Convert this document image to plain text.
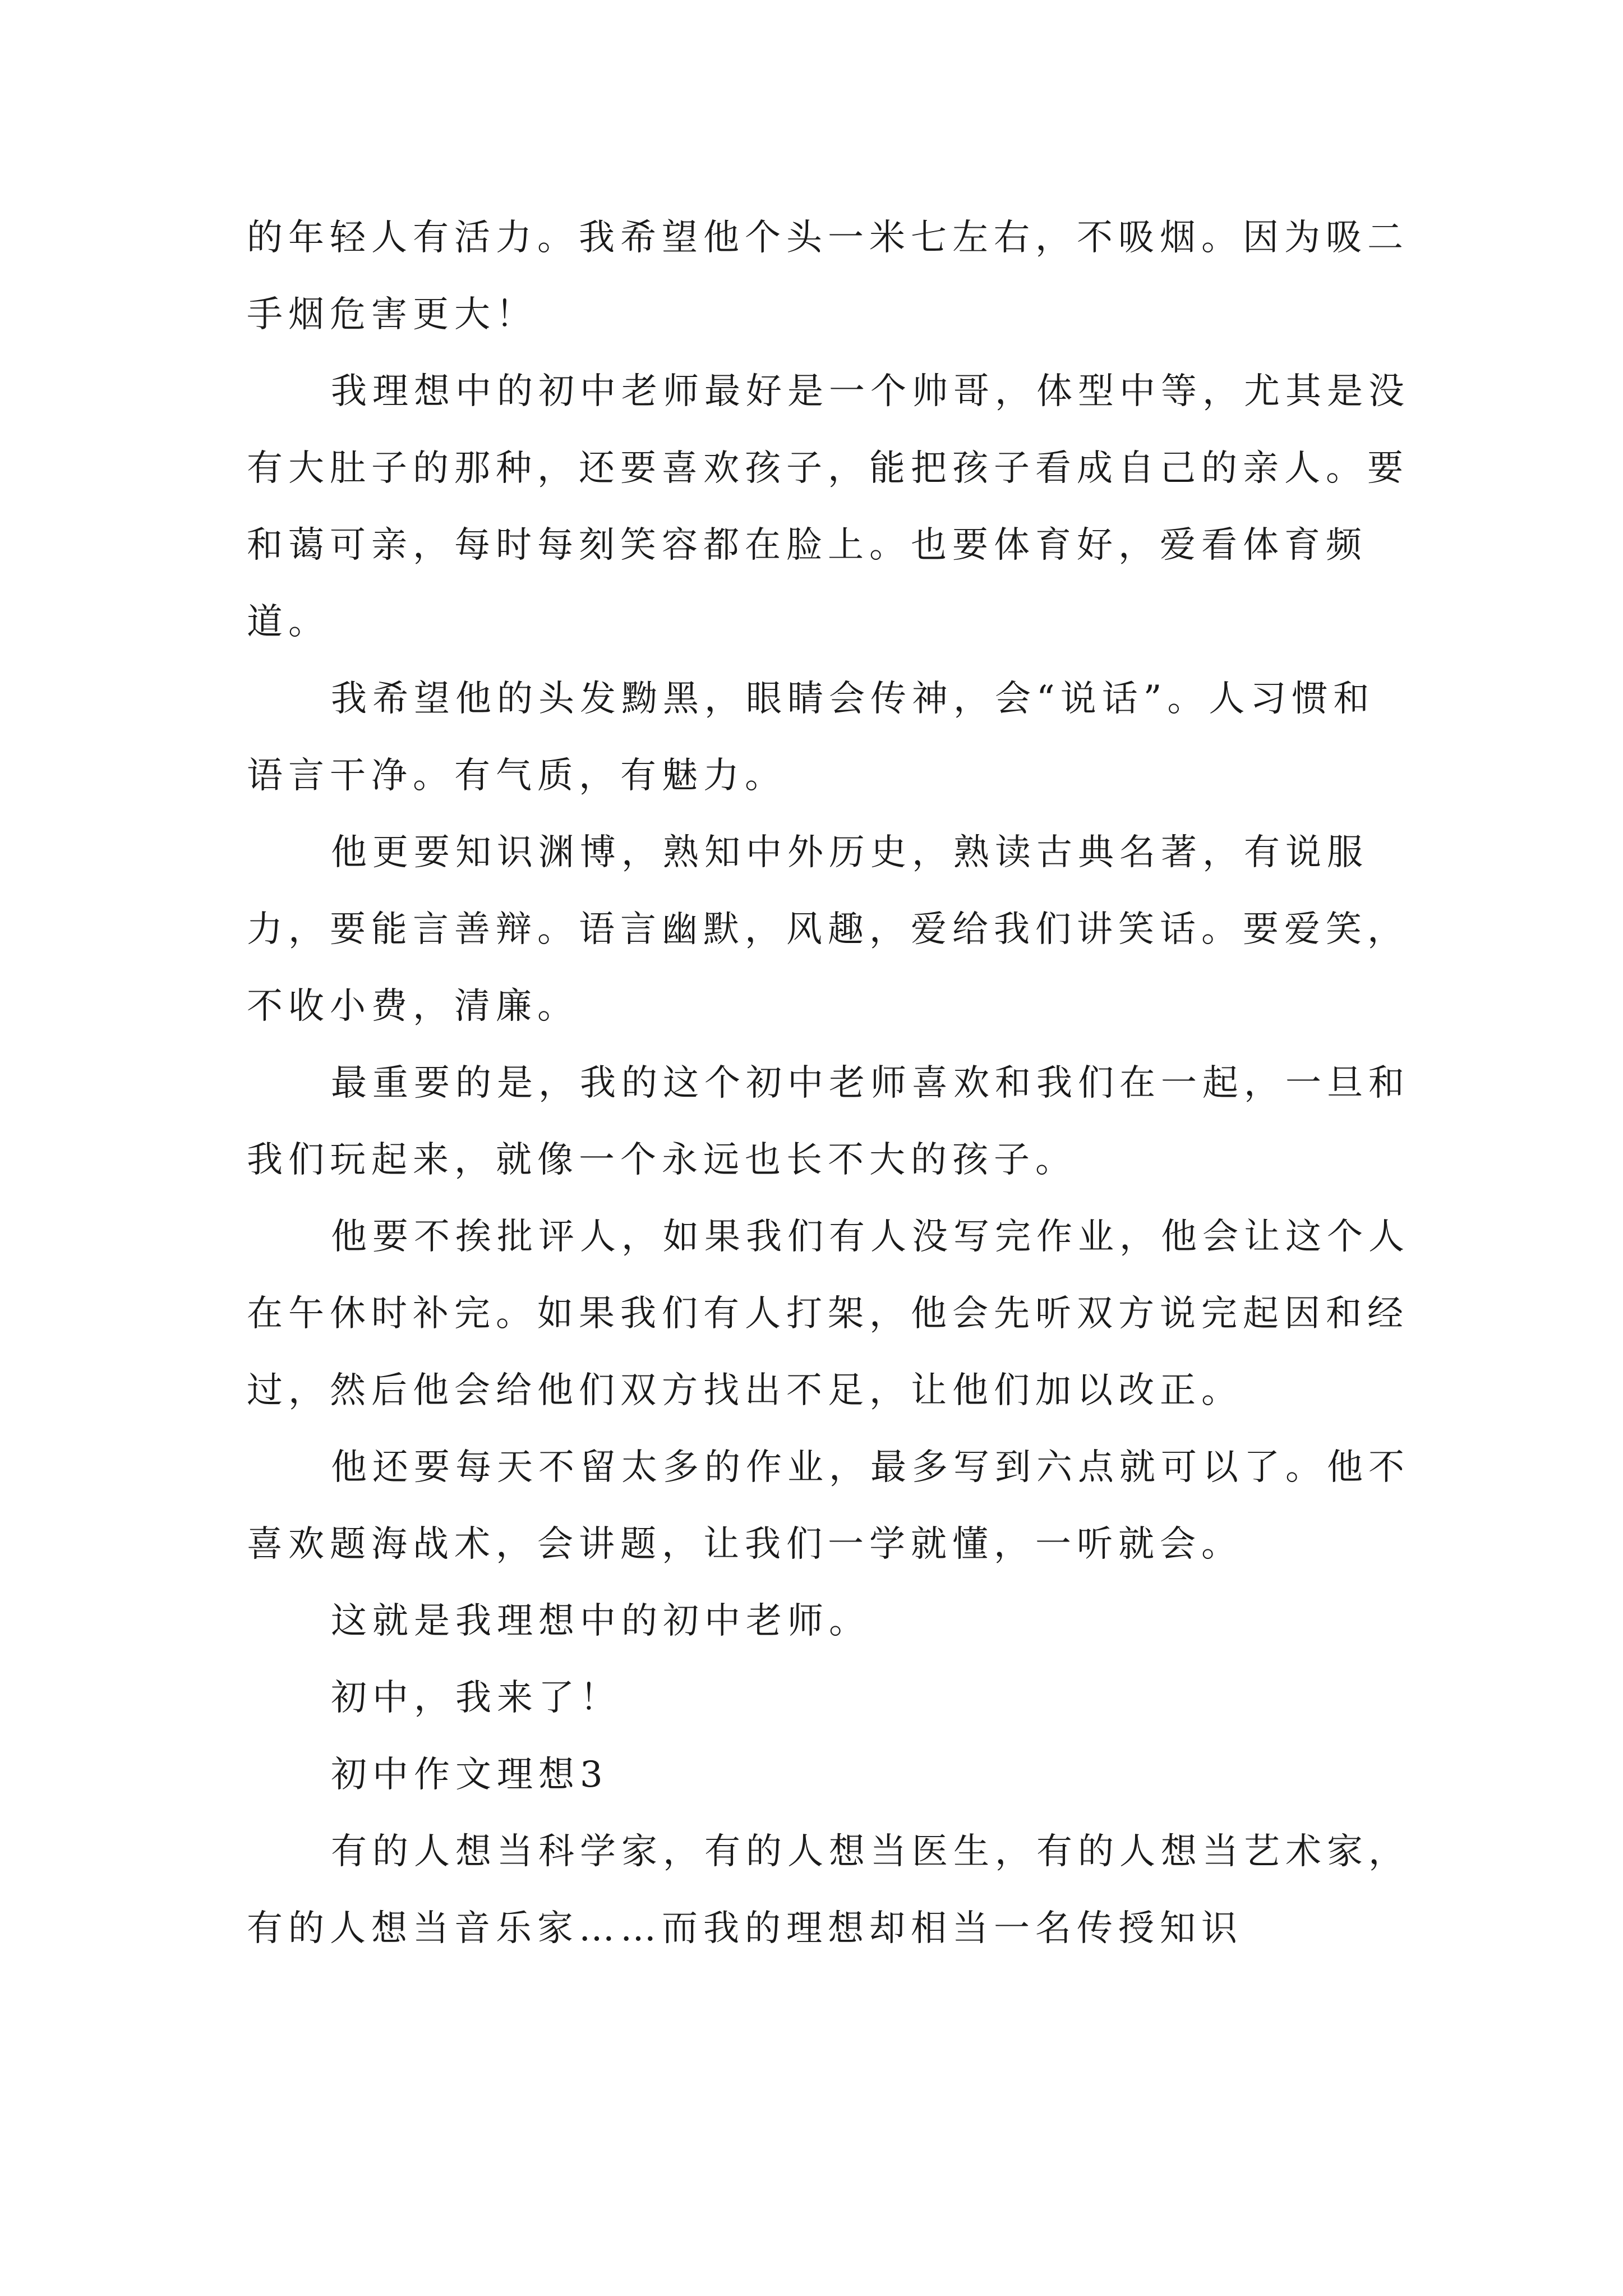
的年轻人有活力。我希望他个头一米七左右，不吸烟。因为吸二手烟危害更大！

我理想中的初中老师最好是一个帅哥，体型中等，尤其是没有大肚子的那种，还要喜欢孩子，能把孩子看成自己的亲人。要和蔼可亲，每时每刻笑容都在脸上。也要体育好，爱看体育频道。

我希望他的头发黝黑，眼睛会传神，会“说话”。人习惯和语言干净。有气质，有魅力。

他更要知识渊博，熟知中外历史，熟读古典名著，有说服力，要能言善辩。语言幽默，风趣，爱给我们讲笑话。要爱笑，不收小费，清廉。

最重要的是，我的这个初中老师喜欢和我们在一起，一旦和我们玩起来，就像一个永远也长不大的孩子。

他要不挨批评人，如果我们有人没写完作业，他会让这个人在午休时补完。如果我们有人打架，他会先听双方说完起因和经过，然后他会给他们双方找出不足，让他们加以改正。

他还要每天不留太多的作业，最多写到六点就可以了。他不喜欢题海战术，会讲题，让我们一学就懂，一听就会。

这就是我理想中的初中老师。

初中，我来了！

初中作文理想3

有的人想当科学家，有的人想当医生，有的人想当艺术家，有的人想当音乐家……而我的理想却相当一名传授知识
